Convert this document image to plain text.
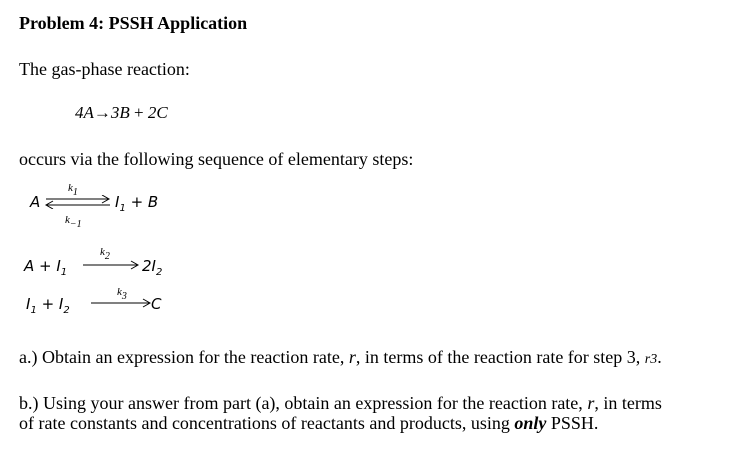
Problem 4: PSSH Application
The gas-phase reaction:
4A→3B + 2C
occurs via the following sequence of elementary steps:
A
$k_1$
$k_{-1}$
$I_1 + B$
$A + I_1$
$k_2$
$2I_2$
$I_1 + I_2$
$k_3$ C
a.) Obtain an expression for the reaction rate, r, in terms of the reaction rate for step 3, r3.
b.) Using your answer from part (a), obtain an expression for the reaction rate, r, in terms
of rate constants and concentrations of reactants and products, using only PSSH.
